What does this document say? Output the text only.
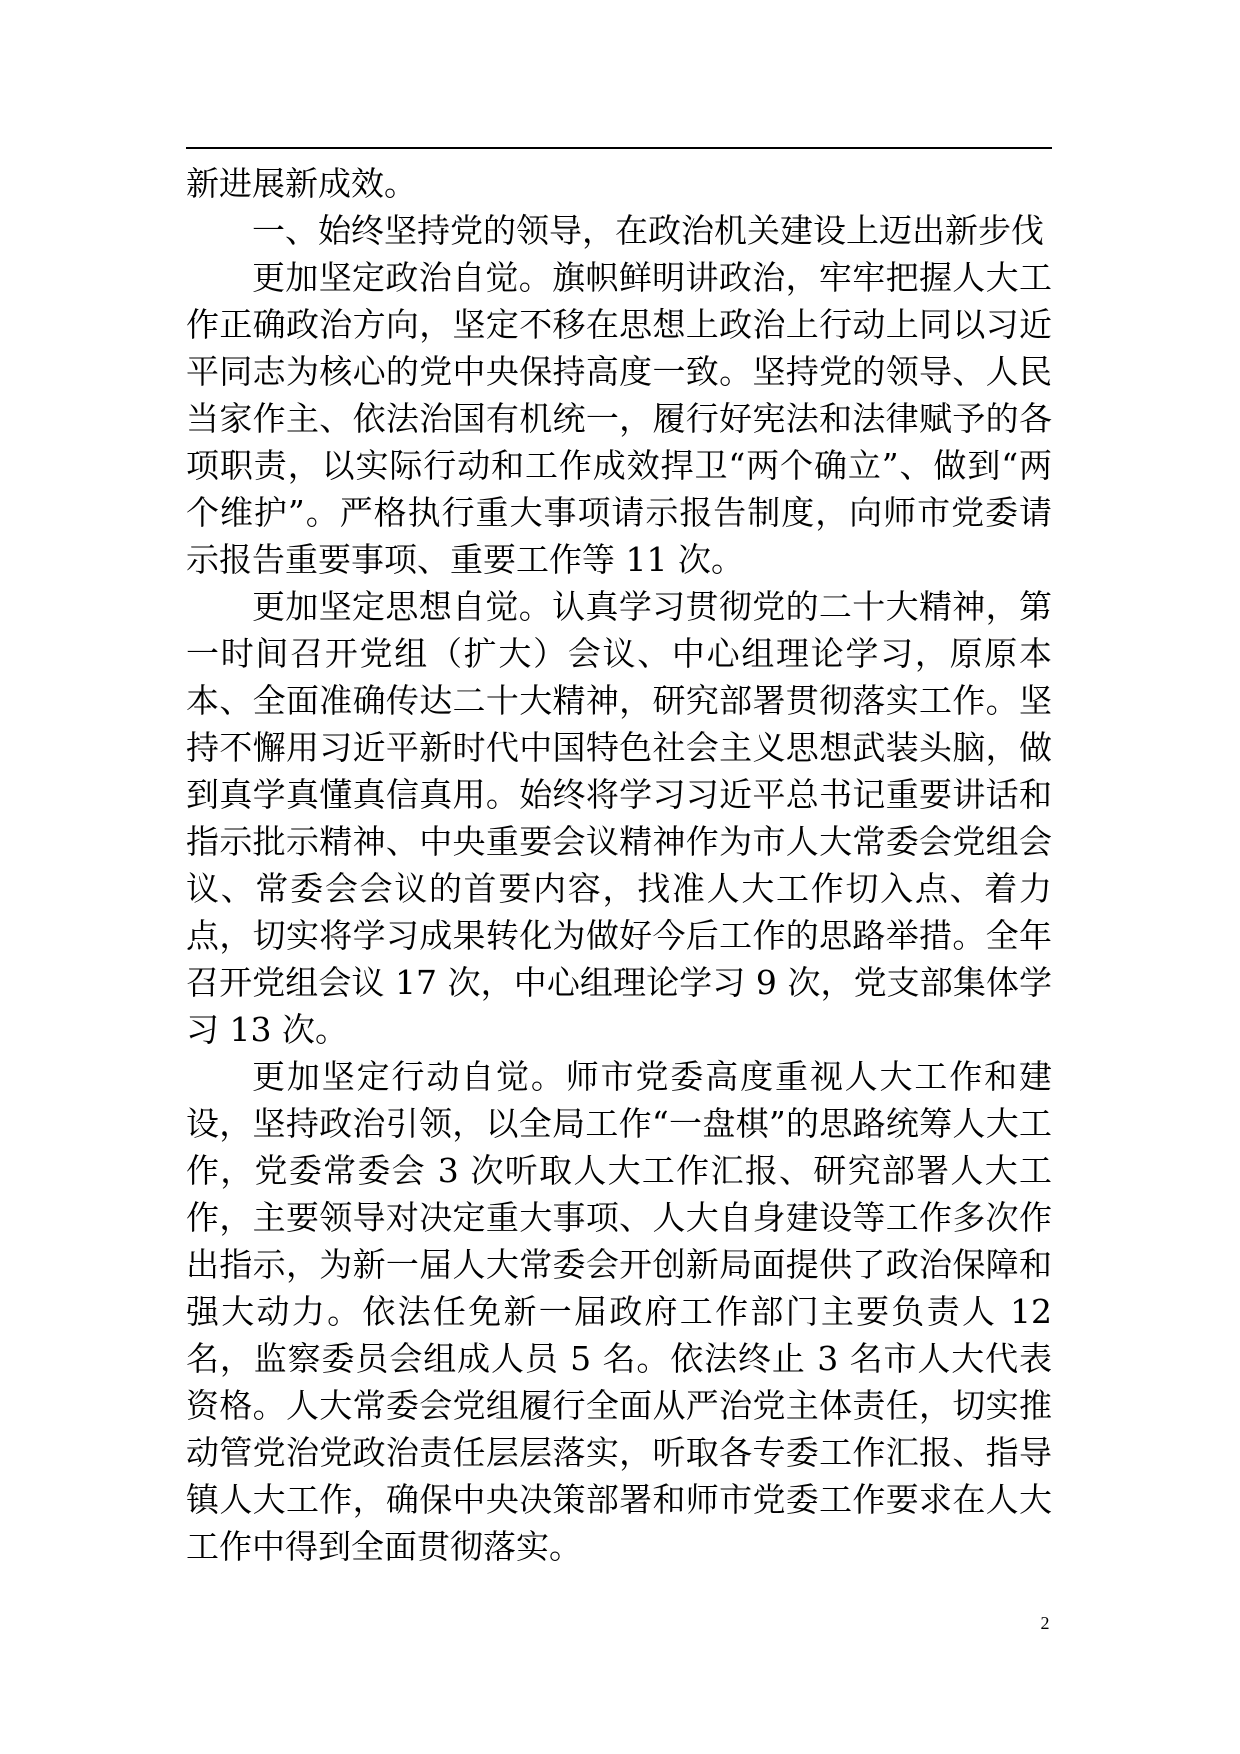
新进展新成效。

一、始终坚持党的领导，在政治机关建设上迈出新步伐

更加坚定政治自觉。旗帜鲜明讲政治，牢牢把握人大工作正确政治方向，坚定不移在思想上政治上行动上同以习近平同志为核心的党中央保持高度一致。坚持党的领导、人民当家作主、依法治国有机统一，履行好宪法和法律赋予的各项职责，以实际行动和工作成效捍卫“两个确立”、做到“两个维护”。严格执行重大事项请示报告制度，向师市党委请示报告重要事项、重要工作等 11 次。

更加坚定思想自觉。认真学习贯彻党的二十大精神，第一时间召开党组（扩大）会议、中心组理论学习，原原本本、全面准确传达二十大精神，研究部署贯彻落实工作。坚持不懈用习近平新时代中国特色社会主义思想武装头脑，做到真学真懂真信真用。始终将学习习近平总书记重要讲话和指示批示精神、中央重要会议精神作为市人大常委会党组会议、常委会会议的首要内容，找准人大工作切入点、着力点，切实将学习成果转化为做好今后工作的思路举措。全年召开党组会议 17 次，中心组理论学习 9 次，党支部集体学习 13 次。

更加坚定行动自觉。师市党委高度重视人大工作和建设，坚持政治引领，以全局工作“一盘棋”的思路统筹人大工作，党委常委会 3 次听取人大工作汇报、研究部署人大工作，主要领导对决定重大事项、人大自身建设等工作多次作出指示，为新一届人大常委会开创新局面提供了政治保障和强大动力。依法任免新一届政府工作部门主要负责人 12 名，监察委员会组成人员 5 名。依法终止 3 名市人大代表资格。人大常委会党组履行全面从严治党主体责任，切实推动管党治党政治责任层层落实，听取各专委工作汇报、指导镇人大工作，确保中央决策部署和师市党委工作要求在人大工作中得到全面贯彻落实。

2
